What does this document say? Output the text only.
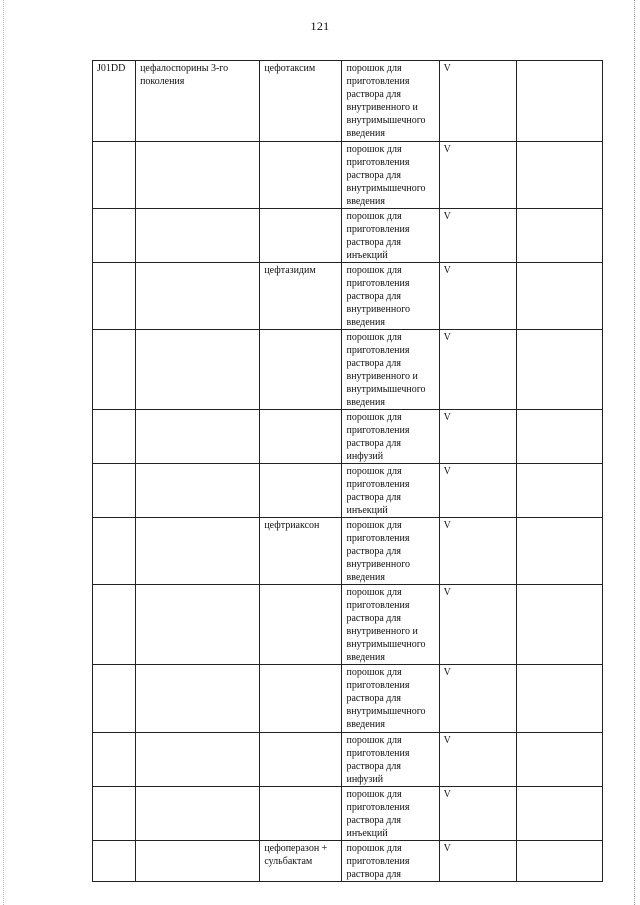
121
J01DD	цефалоспорины 3-го поколения	цефотаксим	порошок для приготовления раствора для внутривенного и внутримышечного введения	V	
			порошок для приготовления раствора для внутримышечного введения	V	
			порошок для приготовления раствора для инъекций	V	
		цефтазидим	порошок для приготовления раствора для внутривенного введения	V	
			порошок для приготовления раствора для внутривенного и внутримышечного введения	V	
			порошок для приготовления раствора для инфузий	V	
			порошок для приготовления раствора для инъекций	V	
		цефтриаксон	порошок для приготовления раствора для внутривенного введения	V	
			порошок для приготовления раствора для внутривенного и внутримышечного введения	V	
			порошок для приготовления раствора для внутримышечного введения	V	
			порошок для приготовления раствора для инфузий	V	
			порошок для приготовления раствора для инъекций	V	
		цефоперазон + сульбактам	порошок для приготовления раствора для	V	
